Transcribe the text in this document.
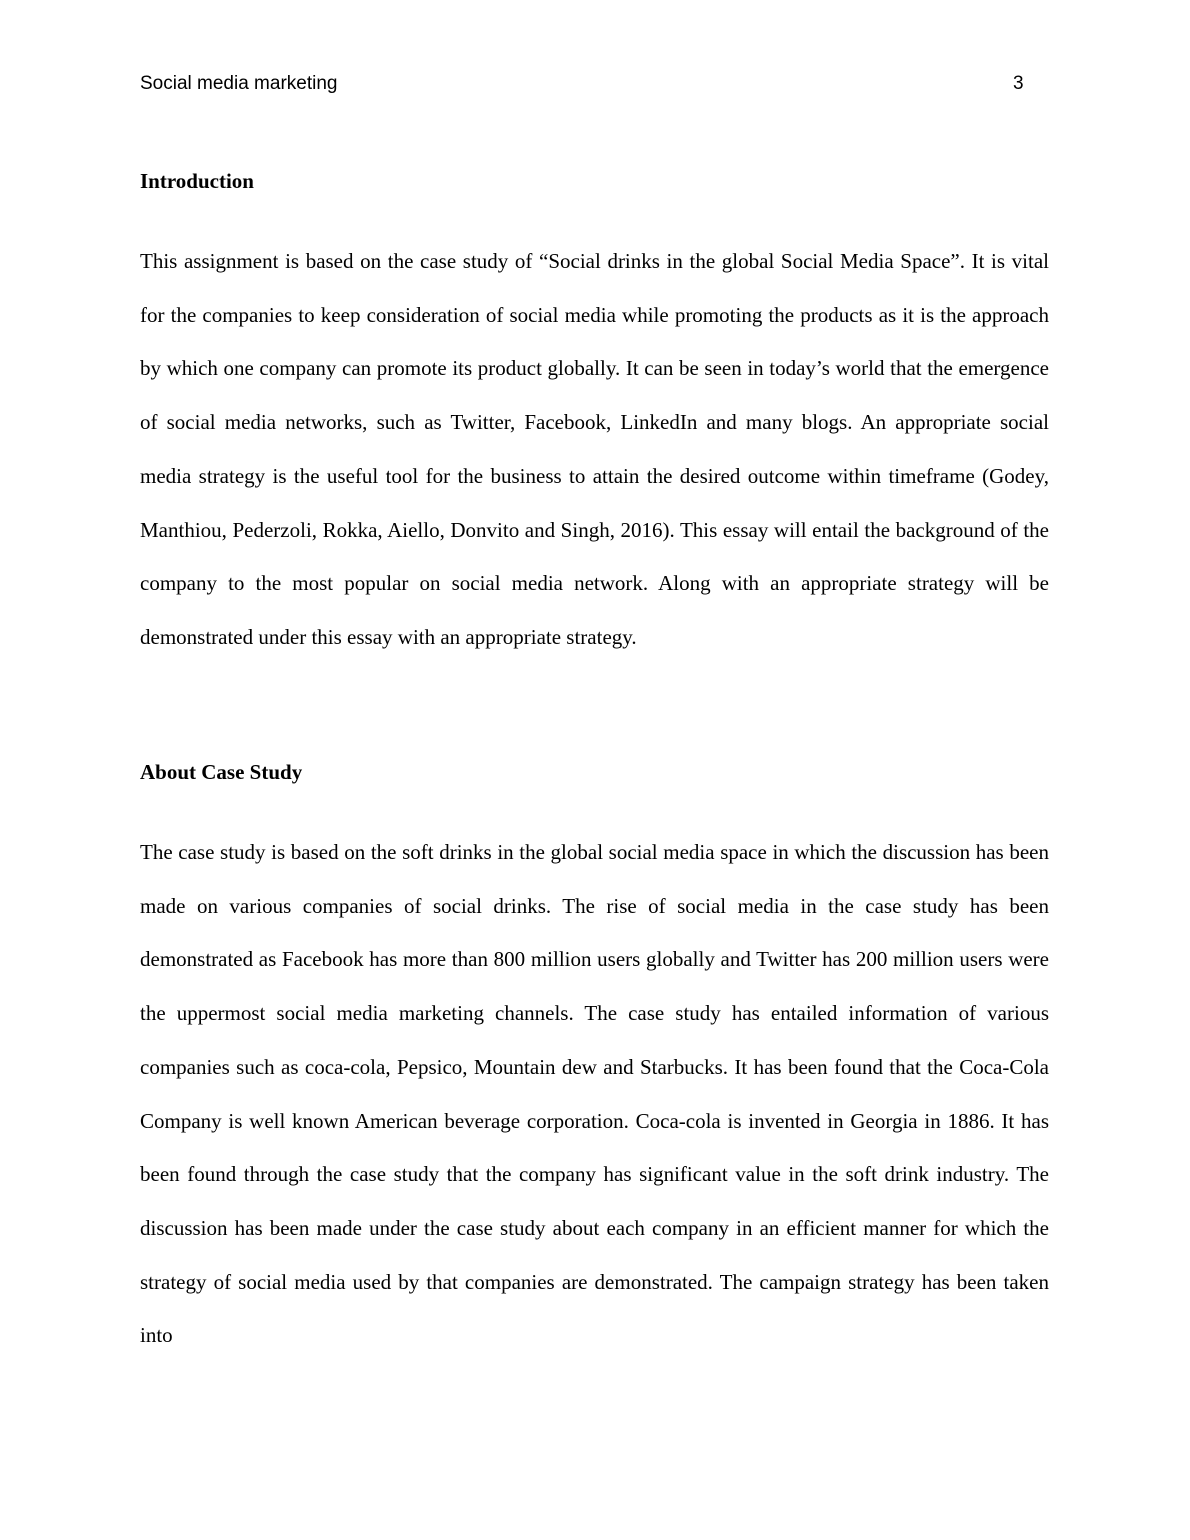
Social media marketing	3
Introduction

This assignment is based on the case study of “Social drinks in the global Social Media Space”. It is vital for the companies to keep consideration of social media while promoting the products as it is the approach by which one company can promote its product globally. It can be seen in today’s world that the emergence of social media networks, such as Twitter, Facebook, LinkedIn and many blogs. An appropriate social media strategy is the useful tool for the business to attain the desired outcome within timeframe (Godey, Manthiou, Pederzoli, Rokka, Aiello, Donvito and Singh, 2016). This essay will entail the background of the company to the most popular on social media network. Along with an appropriate strategy will be demonstrated under this essay with an appropriate strategy.

About Case Study

The case study is based on the soft drinks in the global social media space in which the discussion has been made on various companies of social drinks. The rise of social media in the case study has been demonstrated as Facebook has more than 800 million users globally and Twitter has 200 million users were the uppermost social media marketing channels. The case study has entailed information of various companies such as coca-cola, Pepsico, Mountain dew and Starbucks. It has been found that the Coca-Cola Company is well known American beverage corporation. Coca-cola is invented in Georgia in 1886. It has been found through the case study that the company has significant value in the soft drink industry. The discussion has been made under the case study about each company in an efficient manner for which the strategy of social media used by that companies are demonstrated. The campaign strategy has been taken into
